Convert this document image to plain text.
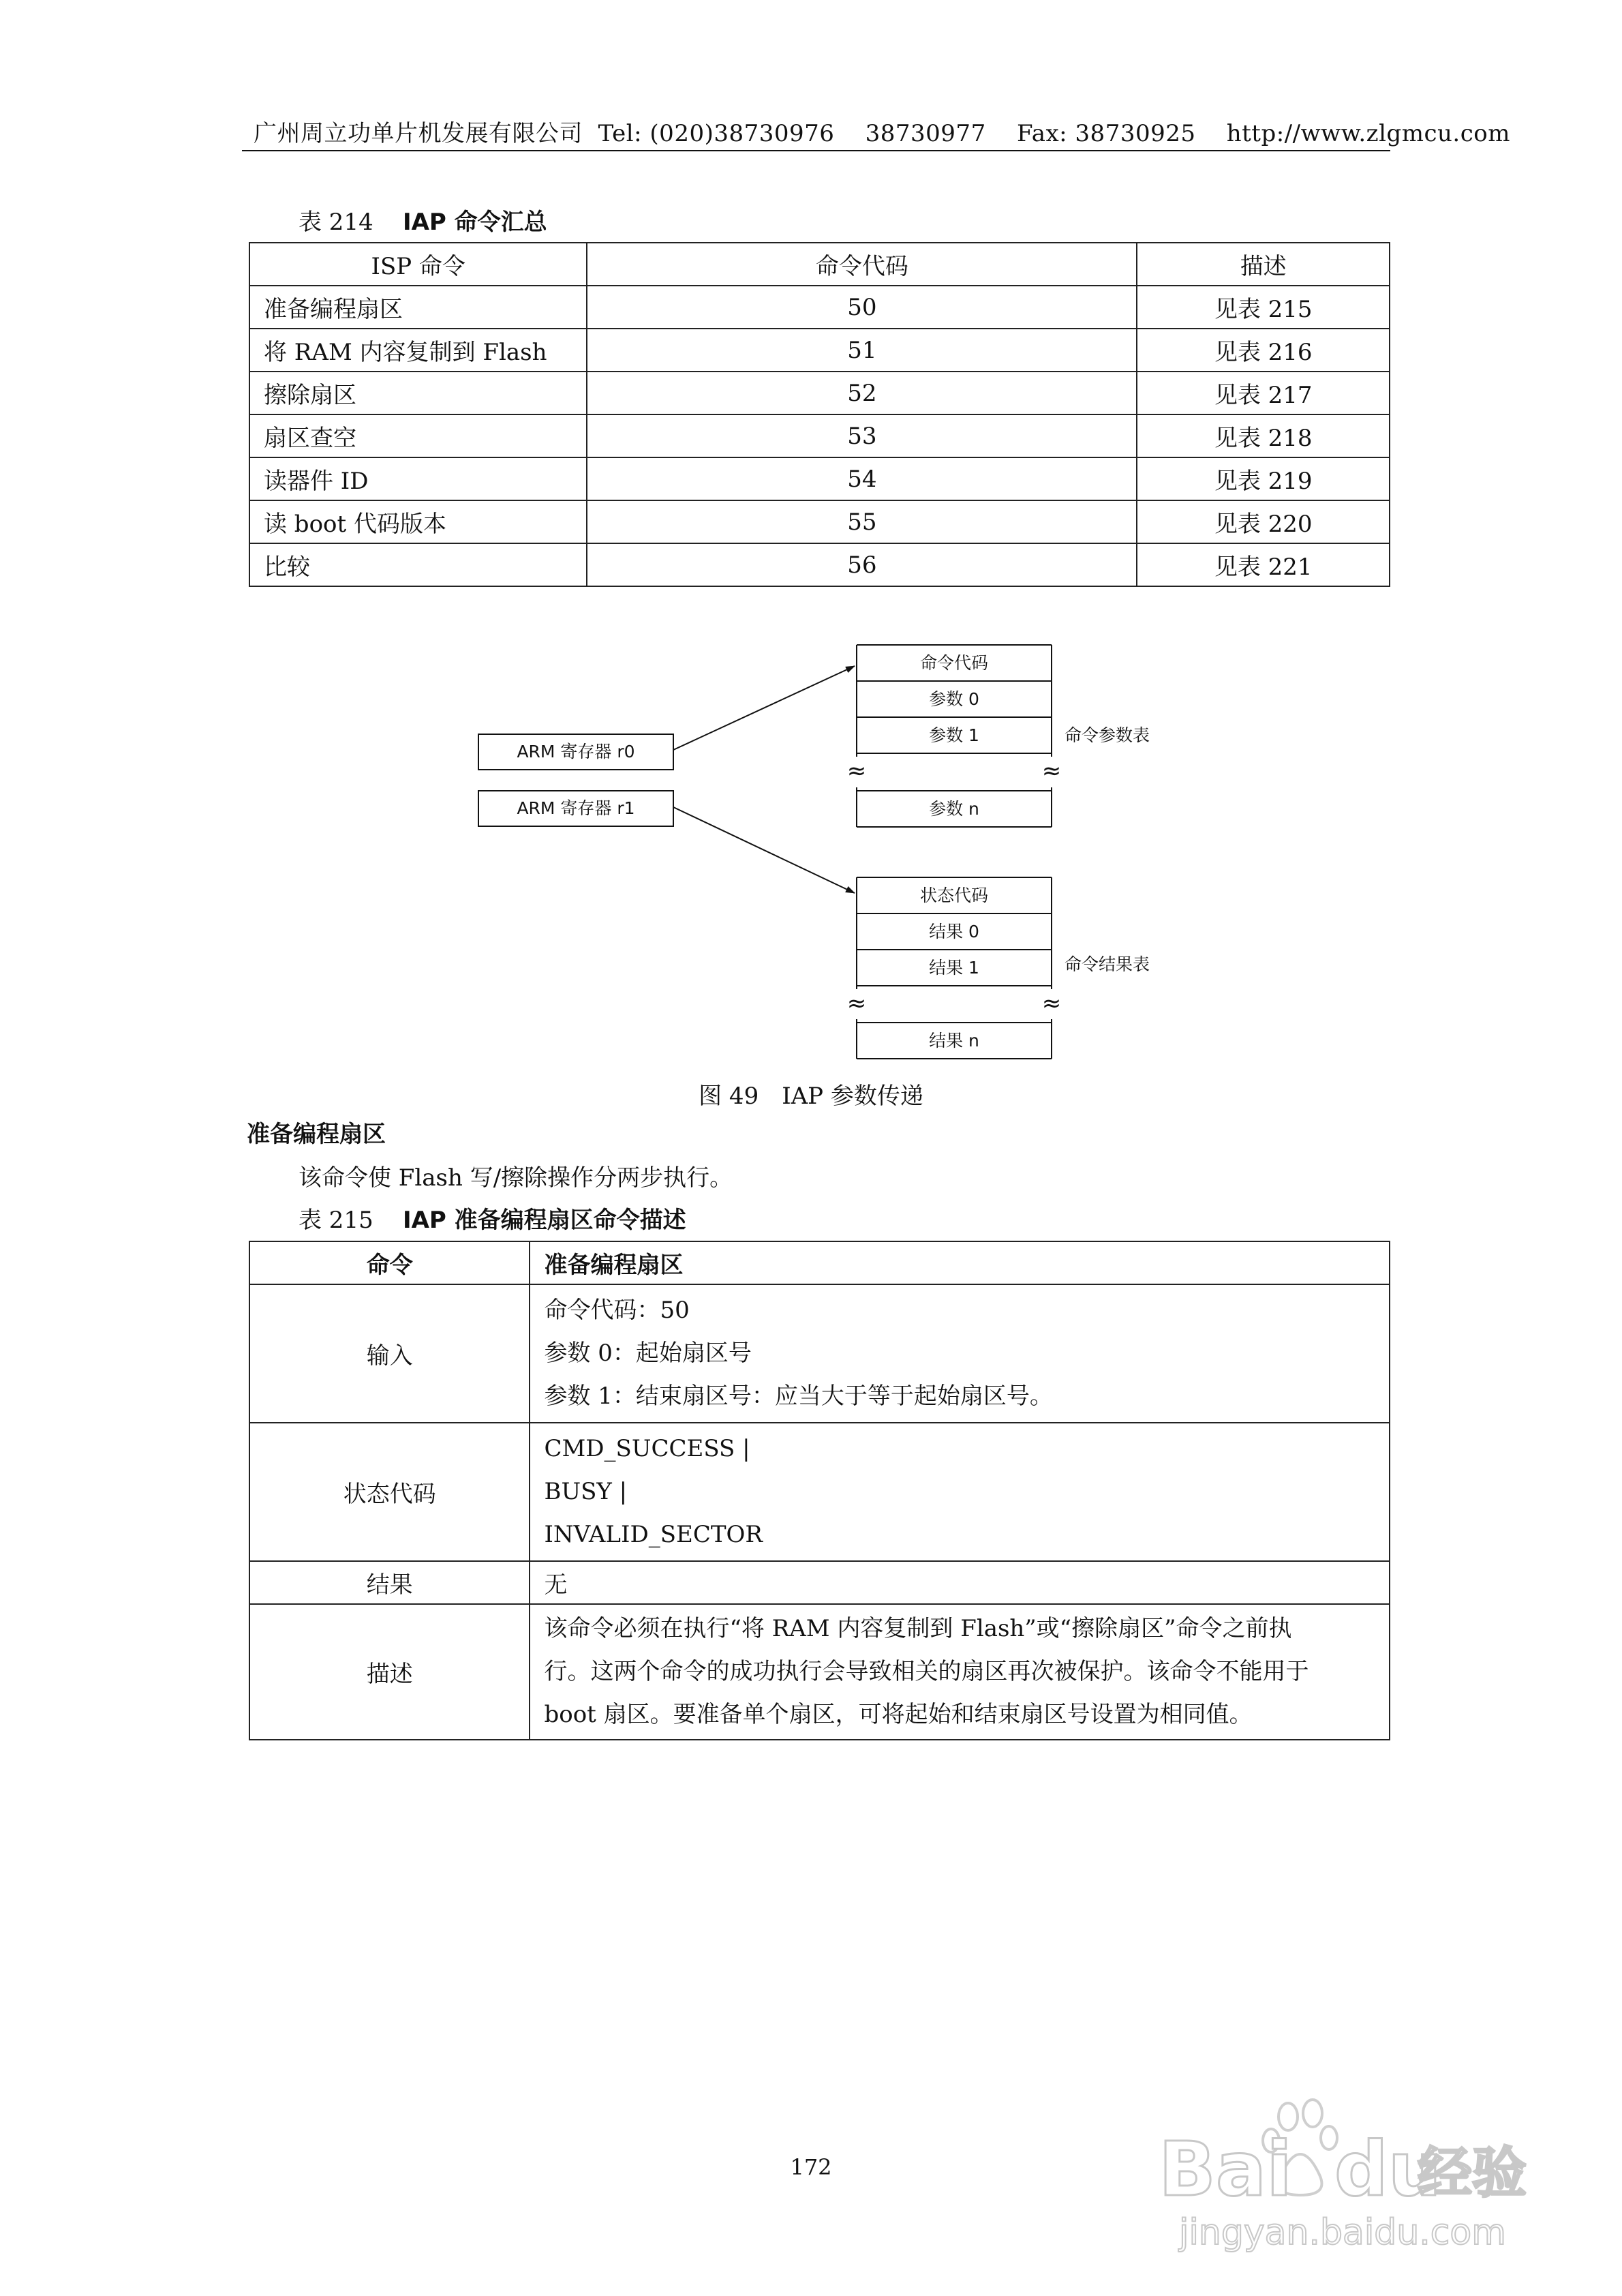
广州周立功单片机发展有限公司 Tel: (020)38730976 38730977 Fax: 38730925 http://www.zlgmcu.com
表 214 IAP 命令汇总
ISP 命令	命令代码	描述
准备编程扇区	50	见表 215
将 RAM 内容复制到 Flash	51	见表 216
擦除扇区	52	见表 217
扇区查空	53	见表 218
读器件 ID	54	见表 219
读 boot 代码版本	55	见表 220
比较	56	见表 221
ARM 寄存器 r0
ARM 寄存器 r1
命令代码
参数 0
参数 1
参数 n
≈	≈
命令参数表
状态代码
结果 0
结果 1
结果 n
≈	≈
命令结果表
图 49　IAP 参数传递
准备编程扇区
该命令使 Flash 写/擦除操作分两步执行。
表 215 IAP 准备编程扇区命令描述
命令	准备编程扇区
输入	命令代码：50
参数 0：起始扇区号
参数 1：结束扇区号：应当大于等于起始扇区号。

状态代码	CMD_SUCCESS |
BUSY |
INVALID_SECTOR

结果	无
描述	该命令必须在执行“将 RAM 内容复制到 Flash”或“擦除扇区”命令之前执
行。这两个命令的成功执行会导致相关的扇区再次被保护。该命令不能用于
boot 扇区。要准备单个扇区，可将起始和结束扇区号设置为相同值。
172	Bai du
经验
jingyan.baidu.com
